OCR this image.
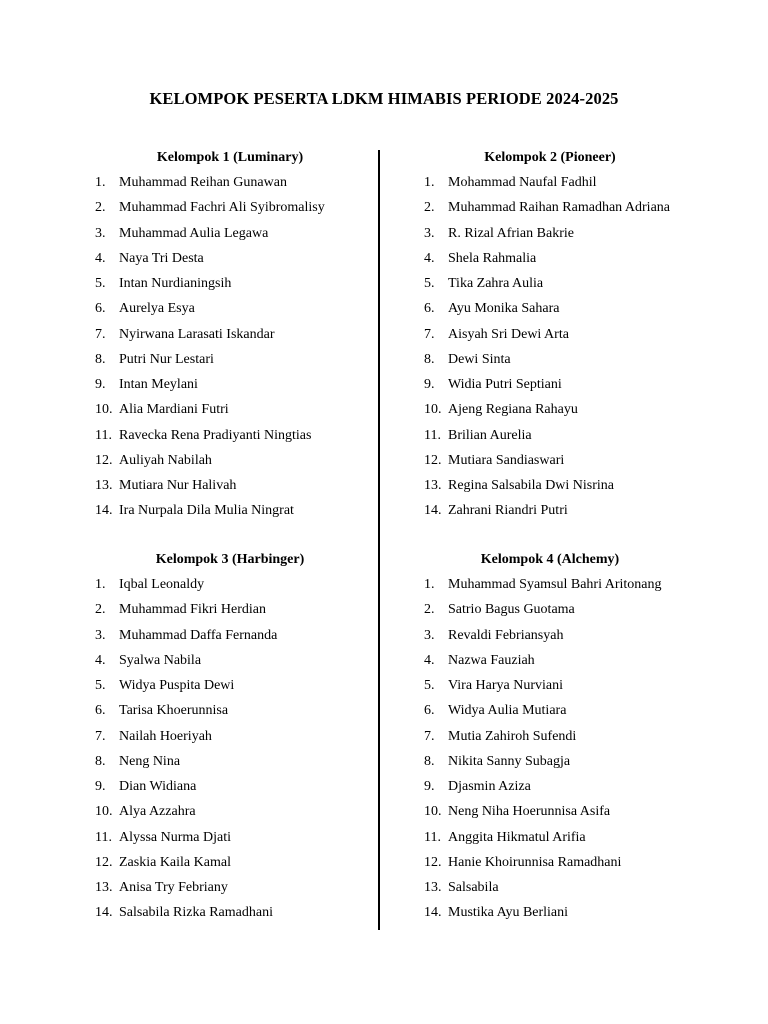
KELOMPOK PESERTA LDKM HIMABIS PERIODE 2024-2025
Kelompok 1 (Luminary)
1. Muhammad Reihan Gunawan
2. Muhammad Fachri Ali Syibromalisy
3. Muhammad Aulia Legawa
4. Naya Tri Desta
5. Intan Nurdianingsih
6. Aurelya Esya
7. Nyirwana Larasati Iskandar
8. Putri Nur Lestari
9. Intan Meylani
10. Alia Mardiani Futri
11. Ravecka Rena Pradiyanti Ningtias
12. Auliyah Nabilah
13. Mutiara Nur Halivah
14. Ira Nurpala Dila Mulia Ningrat
Kelompok 2 (Pioneer)
1. Mohammad Naufal Fadhil
2. Muhammad Raihan Ramadhan Adriana
3. R. Rizal Afrian Bakrie
4. Shela Rahmalia
5. Tika Zahra Aulia
6. Ayu Monika Sahara
7. Aisyah Sri Dewi Arta
8. Dewi Sinta
9. Widia Putri Septiani
10. Ajeng Regiana Rahayu
11. Brilian Aurelia
12. Mutiara Sandiaswari
13. Regina Salsabila Dwi Nisrina
14. Zahrani Riandri Putri
Kelompok 3 (Harbinger)
1. Iqbal Leonaldy
2. Muhammad Fikri Herdian
3. Muhammad Daffa Fernanda
4. Syalwa Nabila
5. Widya Puspita Dewi
6. Tarisa Khoerunnisa
7. Nailah Hoeriyah
8. Neng Nina
9. Dian Widiana
10. Alya Azzahra
11. Alyssa Nurma Djati
12. Zaskia Kaila Kamal
13. Anisa Try Febriany
14. Salsabila Rizka Ramadhani
Kelompok 4 (Alchemy)
1. Muhammad Syamsul Bahri Aritonang
2. Satrio Bagus Guotama
3. Revaldi Febriansyah
4. Nazwa Fauziah
5. Vira Harya Nurviani
6. Widya Aulia Mutiara
7. Mutia Zahiroh Sufendi
8. Nikita Sanny Subagja
9. Djasmin Aziza
10. Neng Niha Hoerunnisa Asifa
11. Anggita Hikmatul Arifia
12. Hanie Khoirunnisa Ramadhani
13. Salsabila
14. Mustika Ayu Berliani
